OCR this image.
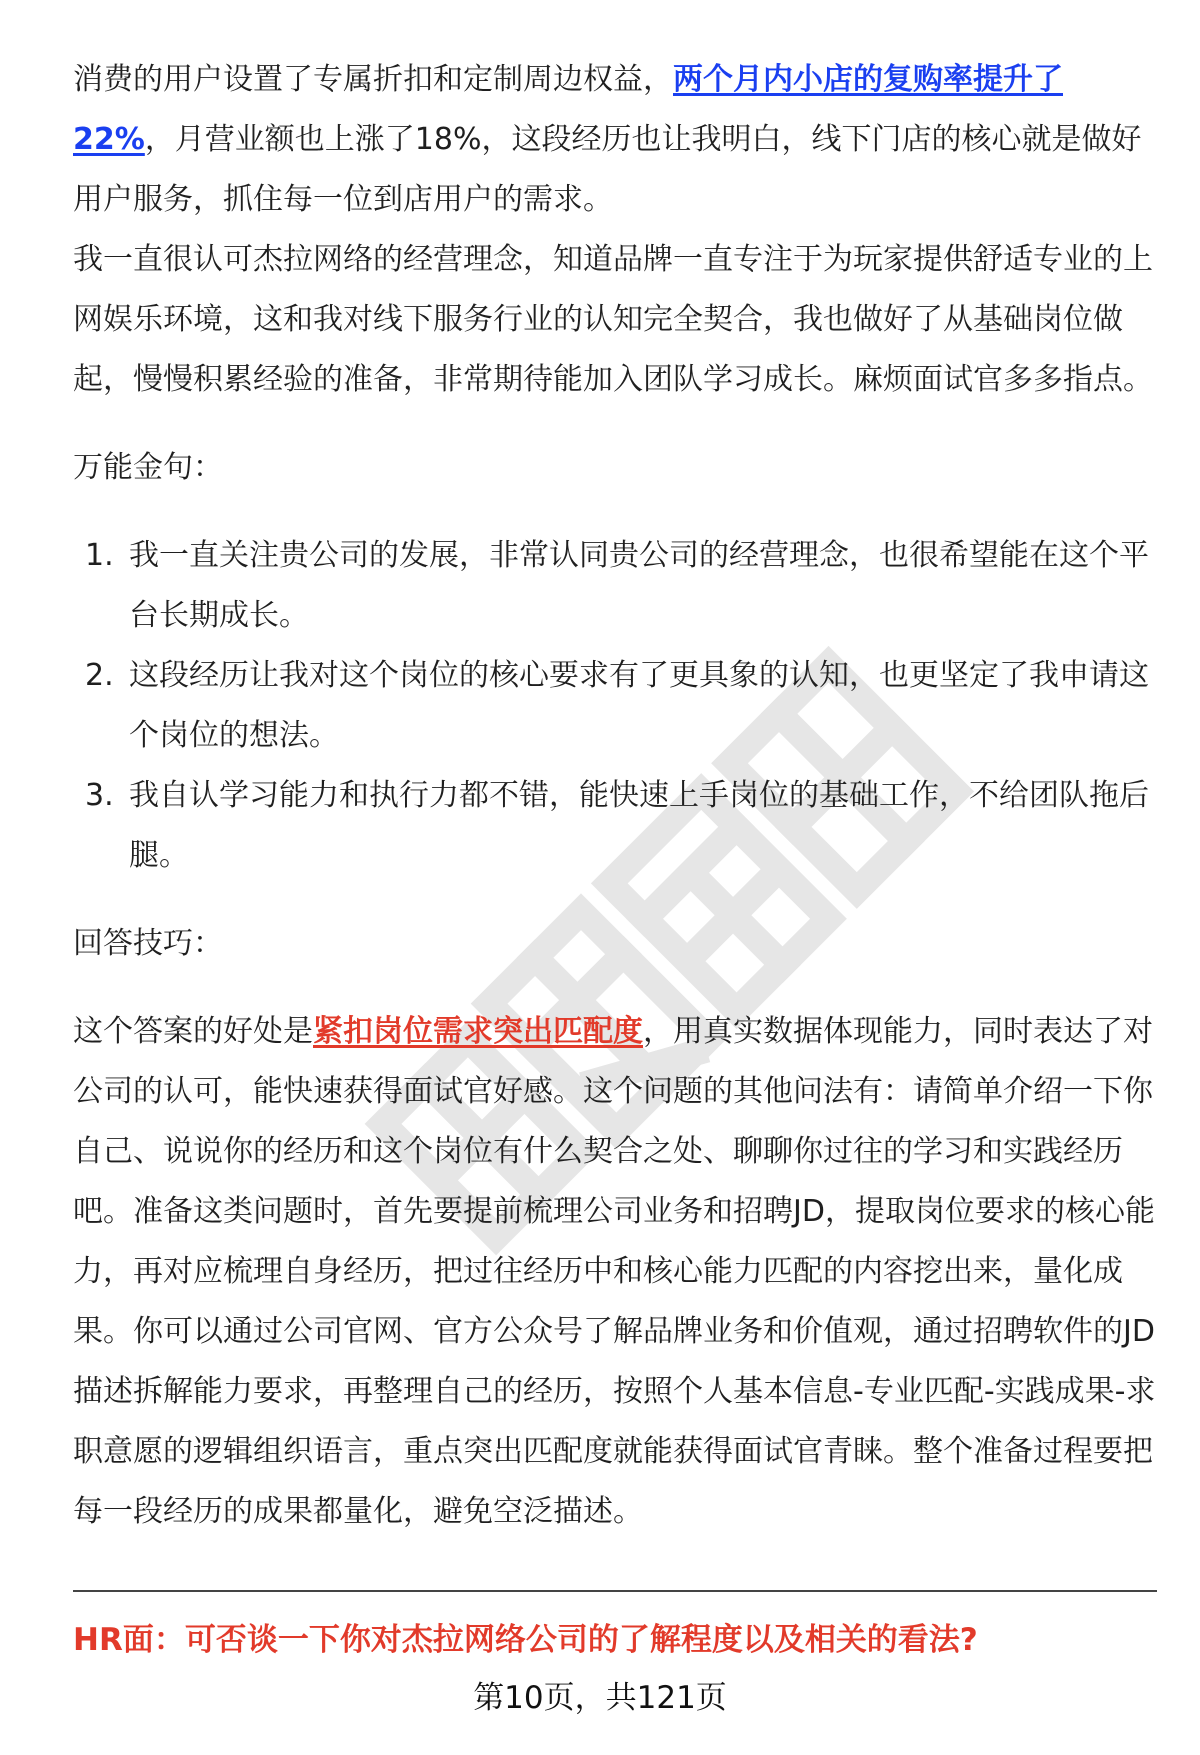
消费的用户设置了专属折扣和定制周边权益，两个月内小店的复购率提升了22%，月营业额也上涨了18%，这段经历也让我明白，线下门店的核心就是做好用户服务，抓住每一位到店用户的需求。

我一直很认可杰拉网络的经营理念，知道品牌一直专注于为玩家提供舒适专业的上网娱乐环境，这和我对线下服务行业的认知完全契合，我也做好了从基础岗位做起，慢慢积累经验的准备，非常期待能加入团队学习成长。麻烦面试官多多指点。

万能金句：

1. 我一直关注贵公司的发展，非常认同贵公司的经营理念，也很希望能在这个平台长期成长。
2. 这段经历让我对这个岗位的核心要求有了更具象的认知，也更坚定了我申请这个岗位的想法。
3. 我自认学习能力和执行力都不错，能快速上手岗位的基础工作，不给团队拖后腿。

回答技巧：

这个答案的好处是紧扣岗位需求突出匹配度，用真实数据体现能力，同时表达了对公司的认可，能快速获得面试官好感。这个问题的其他问法有：请简单介绍一下你自己、说说你的经历和这个岗位有什么契合之处、聊聊你过往的学习和实践经历吧。准备这类问题时，首先要提前梳理公司业务和招聘JD，提取岗位要求的核心能力，再对应梳理自身经历，把过往经历中和核心能力匹配的内容挖出来，量化成果。你可以通过公司官网、官方公众号了解品牌业务和价值观，通过招聘软件的JD描述拆解能力要求，再整理自己的经历，按照个人基本信息-专业匹配-实践成果-求职意愿的逻辑组织语言，重点突出匹配度就能获得面试官青睐。整个准备过程要把每一段经历的成果都量化，避免空泛描述。

HR面：可否谈一下你对杰拉网络公司的了解程度以及相关的看法?
第10页，共121页
